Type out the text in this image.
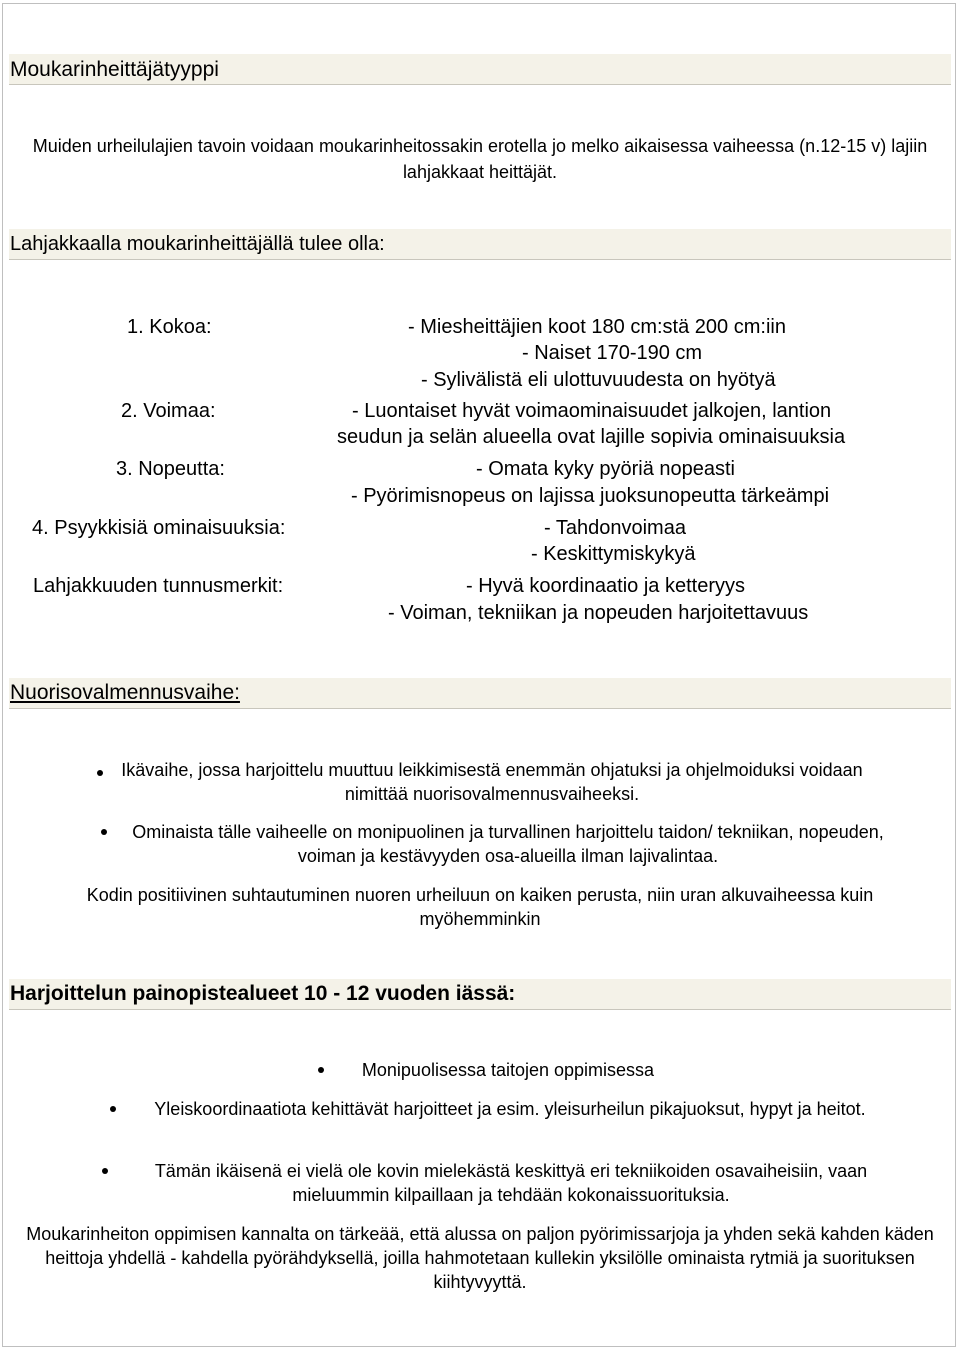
Moukarinheittäjätyyppi
Muiden urheilulajien tavoin voidaan moukarinheitossakin erotella jo melko aikaisessa vaiheessa (n.12-15 v) lajiin lahjakkaat heittäjät.
Lahjakkaalla moukarinheittäjällä tulee olla:
1. Kokoa:	- Miesheittäjien koot 180 cm:stä 200 cm:iin
- Naiset 170-190 cm
- Sylivälistä eli ulottuvuudesta on hyötyä
2. Voimaa:	- Luontaiset hyvät voimaominaisuudet jalkojen, lantion
seudun ja selän alueella ovat lajille sopivia ominaisuuksia
3. Nopeutta:	- Omata kyky pyöriä nopeasti
- Pyörimisnopeus on lajissa juoksunopeutta tärkeämpi
4. Psyykkisiä ominaisuuksia:	- Tahdonvoimaa
- Keskittymiskykyä
Lahjakkuuden tunnusmerkit:	- Hyvä koordinaatio ja ketteryys
- Voiman, tekniikan ja nopeuden harjoitettavuus
Nuorisovalmennusvaihe:
Ikävaihe, jossa harjoittelu muuttuu leikkimisestä enemmän ohjatuksi ja ohjelmoiduksi voidaan nimittää nuorisovalmennusvaiheeksi.
Ominaista tälle vaiheelle on monipuolinen ja turvallinen harjoittelu taidon/ tekniikan, nopeuden, voiman ja kestävyyden osa-alueilla ilman lajivalintaa.
Kodin positiivinen suhtautuminen nuoren urheiluun on kaiken perusta, niin uran alkuvaiheessa kuin myöhemminkin
Harjoittelun painopistealueet 10 - 12 vuoden iässä:
Monipuolisessa taitojen oppimisessa
Yleiskoordinaatiota kehittävät harjoitteet ja esim. yleisurheilun pikajuoksut, hypyt ja heitot.
Tämän ikäisenä ei vielä ole kovin mielekästä keskittyä eri tekniikoiden osavaiheisiin, vaan mieluummin kilpaillaan ja tehdään kokonaissuorituksia.
Moukarinheiton oppimisen kannalta on tärkeää, että alussa on paljon pyörimissarjoja ja yhden sekä kahden käden heittoja yhdellä - kahdella pyörähdyksellä, joilla hahmotetaan kullekin yksilölle ominaista rytmiä ja suorituksen kiihtyvyyttä.
